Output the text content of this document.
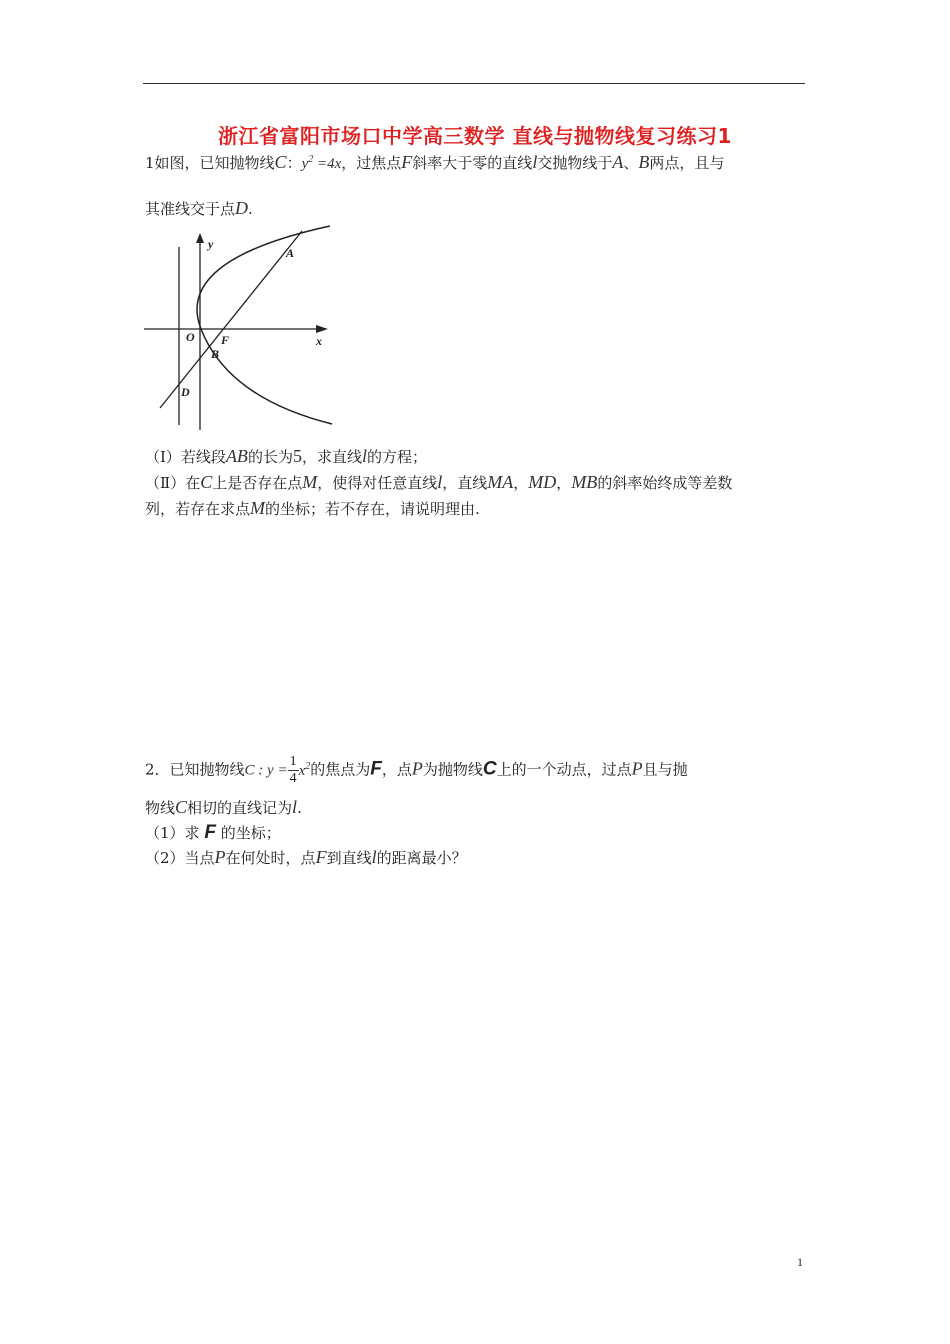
浙江省富阳市场口中学高三数学 直线与抛物线复习练习1
1如图，已知抛物线C：$y^2 =4x$，过焦点F斜率大于零的直线l交抛物线于A、B两点，且与
其准线交于点D.
y
x
O F
A
B
D
（Ⅰ）若线段AB的长为5，求直线l的方程；
（Ⅱ）在C上是否存在点M，使得对任意直线l，直线MA，MD，MB的斜率始终成等差数
列，若存在求点M的坐标；若不存在，请说明理由.
2．已知抛物线C : $y = \frac{1}{4} x^2$的焦点为F，点P为抛物线C上的一个动点，过点P且与抛
物线C相切的直线记为l.
（1）求 F 的坐标；
（2）当点P在何处时，点F到直线l的距离最小？
1
